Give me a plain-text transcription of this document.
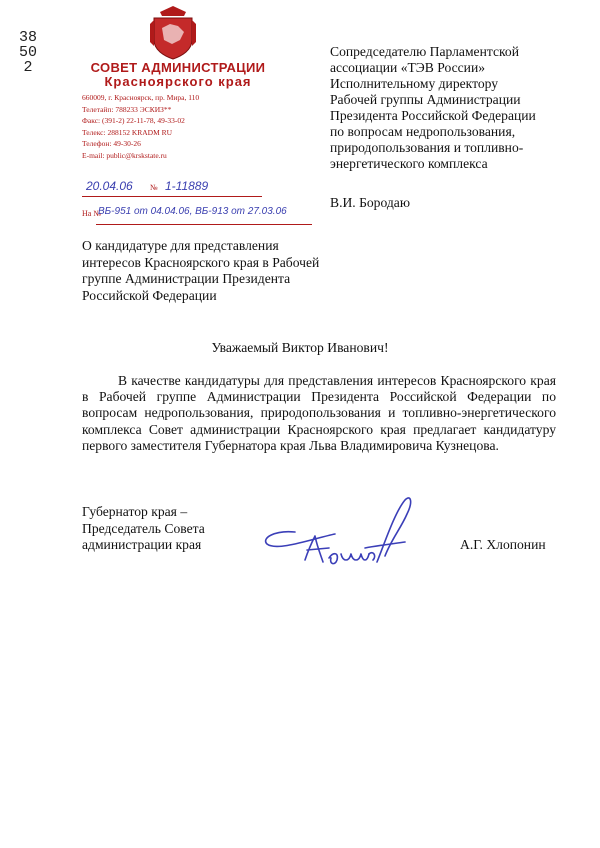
38502	СОВЕТ АДМИНИСТРАЦИИ
Красноярского края
660009, г. Красноярск, пр. Мира, 110
Телетайп: 788233 ЭСКИЗ**
Факс: (391-2) 22-11-78, 49-33-02
Телекс: 288152 KRADM RU
Телефон: 49-30-26
E-mail: public@krskstate.ru
20.04.06 № 1-11889
На №
ВБ-951 от 04.04.06, ВБ-913 от 27.03.06
Сопредседателю Парламентской
ассоциации «ТЭВ России»
Исполнительному директору
Рабочей группы Администрации
Президента Российской Федерации
по вопросам недропользования,
природопользования и топливно-
энергетического комплекса
В.И. Бородаю
О кандидатуре для представления интересов Красноярского края в Рабочей группе Администрации Президента Российской Федерации
Уважаемый Виктор Иванович!
В качестве кандидатуры для представления интересов Красноярского края в Рабочей группе Администрации Президента Российской Федерации по вопросам недропользования, природопользования и топливно-энергетического комплекса Совет администрации Красноярского края предлагает кандидатуру первого заместителя Губернатора края Льва Владимировича Кузнецова.
Губернатор края –
Председатель Совета
администрации края	А.Г. Хлопонин
